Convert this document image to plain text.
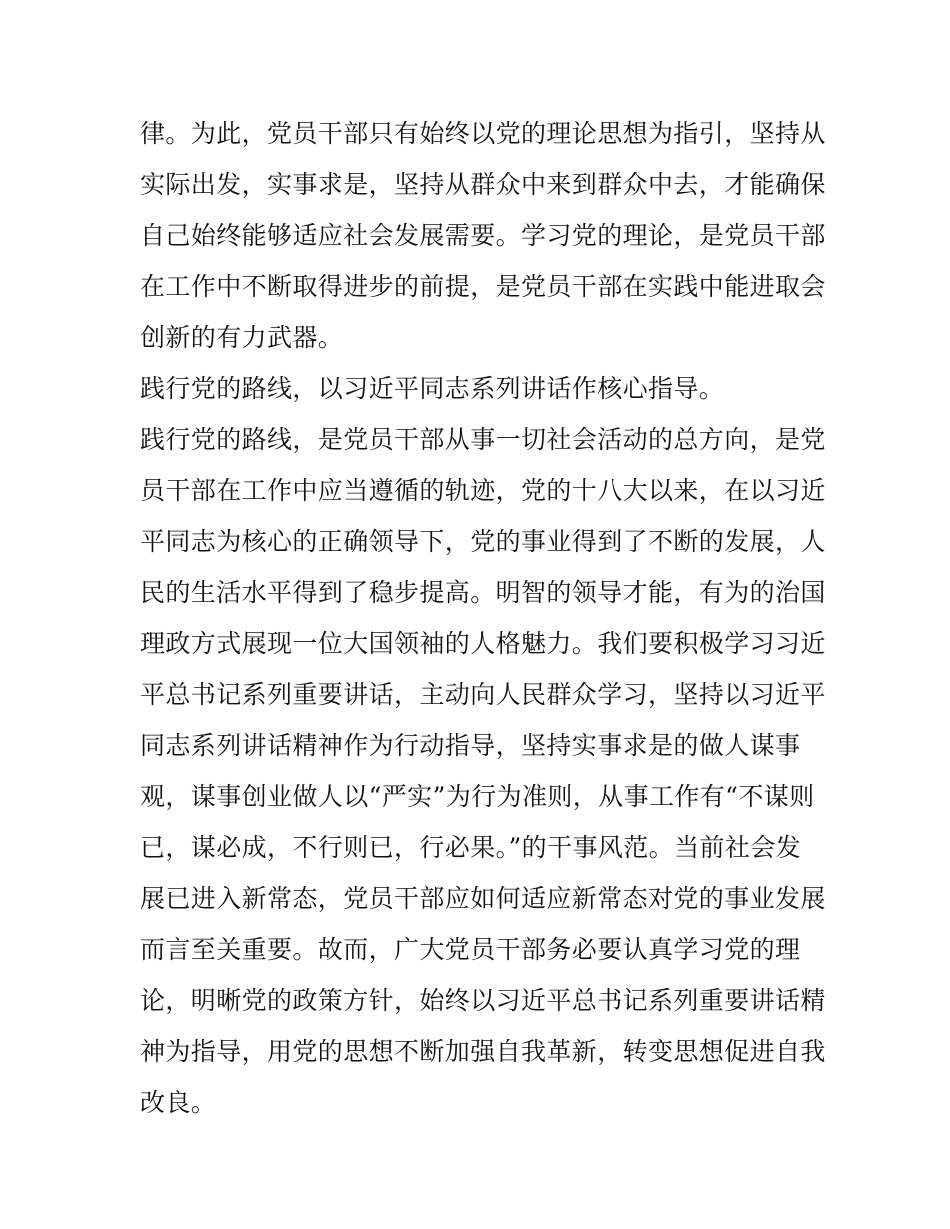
律。为此，党员干部只有始终以党的理论思想为指引，坚持从
实际出发，实事求是，坚持从群众中来到群众中去，才能确保
自己始终能够适应社会发展需要。学习党的理论，是党员干部
在工作中不断取得进步的前提，是党员干部在实践中能进取会
创新的有力武器。
践行党的路线，以习近平同志系列讲话作核心指导。
践行党的路线，是党员干部从事一切社会活动的总方向，是党
员干部在工作中应当遵循的轨迹，党的十八大以来，在以习近
平同志为核心的正确领导下，党的事业得到了不断的发展，人
民的生活水平得到了稳步提高。明智的领导才能，有为的治国
理政方式展现一位大国领袖的人格魅力。我们要积极学习习近
平总书记系列重要讲话，主动向人民群众学习，坚持以习近平
同志系列讲话精神作为行动指导，坚持实事求是的做人谋事
观，谋事创业做人以“严实”为行为准则，从事工作有“不谋则
已，谋必成，不行则已，行必果。”的干事风范。当前社会发
展已进入新常态，党员干部应如何适应新常态对党的事业发展
而言至关重要。故而，广大党员干部务必要认真学习党的理
论，明晰党的政策方针，始终以习近平总书记系列重要讲话精
神为指导，用党的思想不断加强自我革新，转变思想促进自我
改良。
